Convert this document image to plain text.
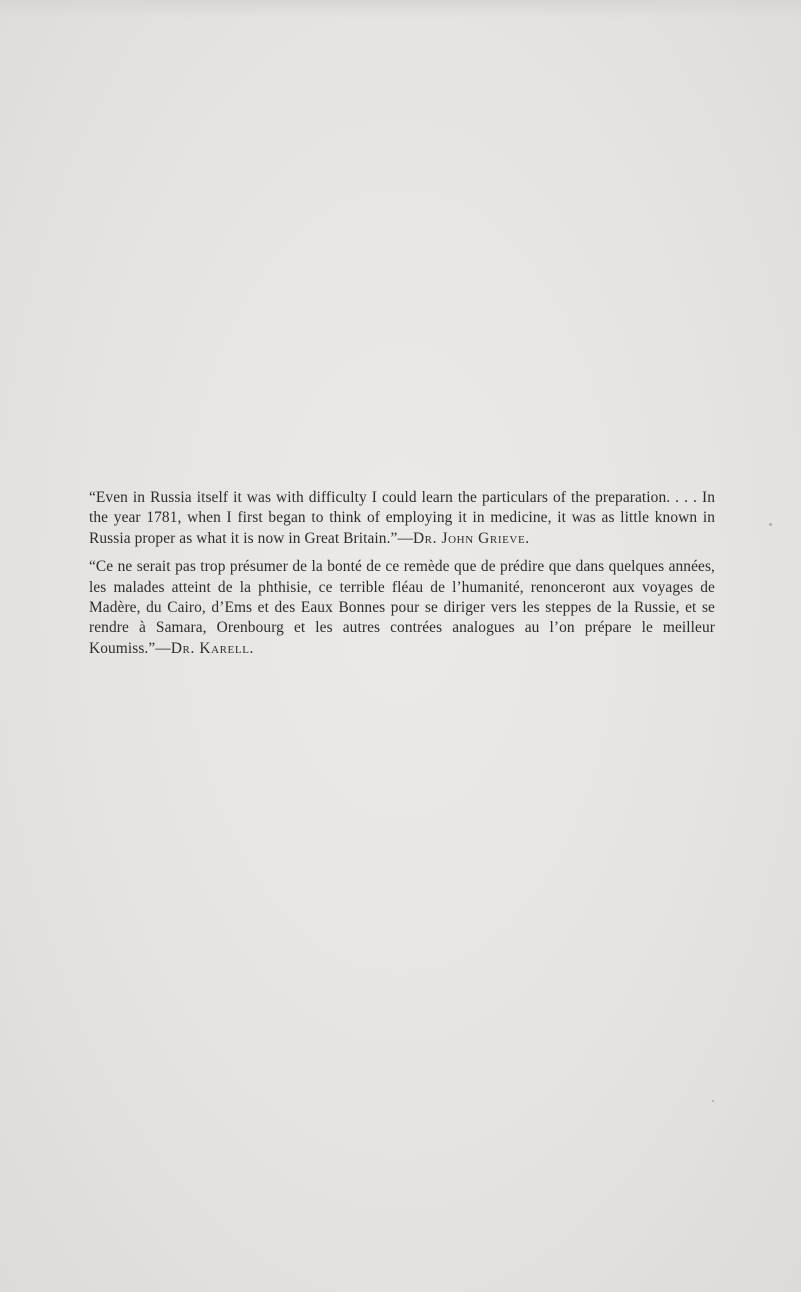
“Even in Russia itself it was with difficulty I could learn the particulars of the preparation. . . . In the year 1781, when I first began to think of employing it in medicine, it was as little known in Russia proper as what it is now in Great Britain.”—Dr. John Grieve.

“Ce ne serait pas trop présumer de la bonté de ce remède que de prédire que dans quelques années, les malades atteint de la phthisie, ce terrible fléau de l’humanité, renonceront aux voyages de Madère, du Cairo, d’Ems et des Eaux Bonnes pour se diriger vers les steppes de la Russie, et se rendre à Samara, Orenbourg et les autres contrées analogues au l’on prépare le meilleur Koumiss.”—Dr. Karell.
